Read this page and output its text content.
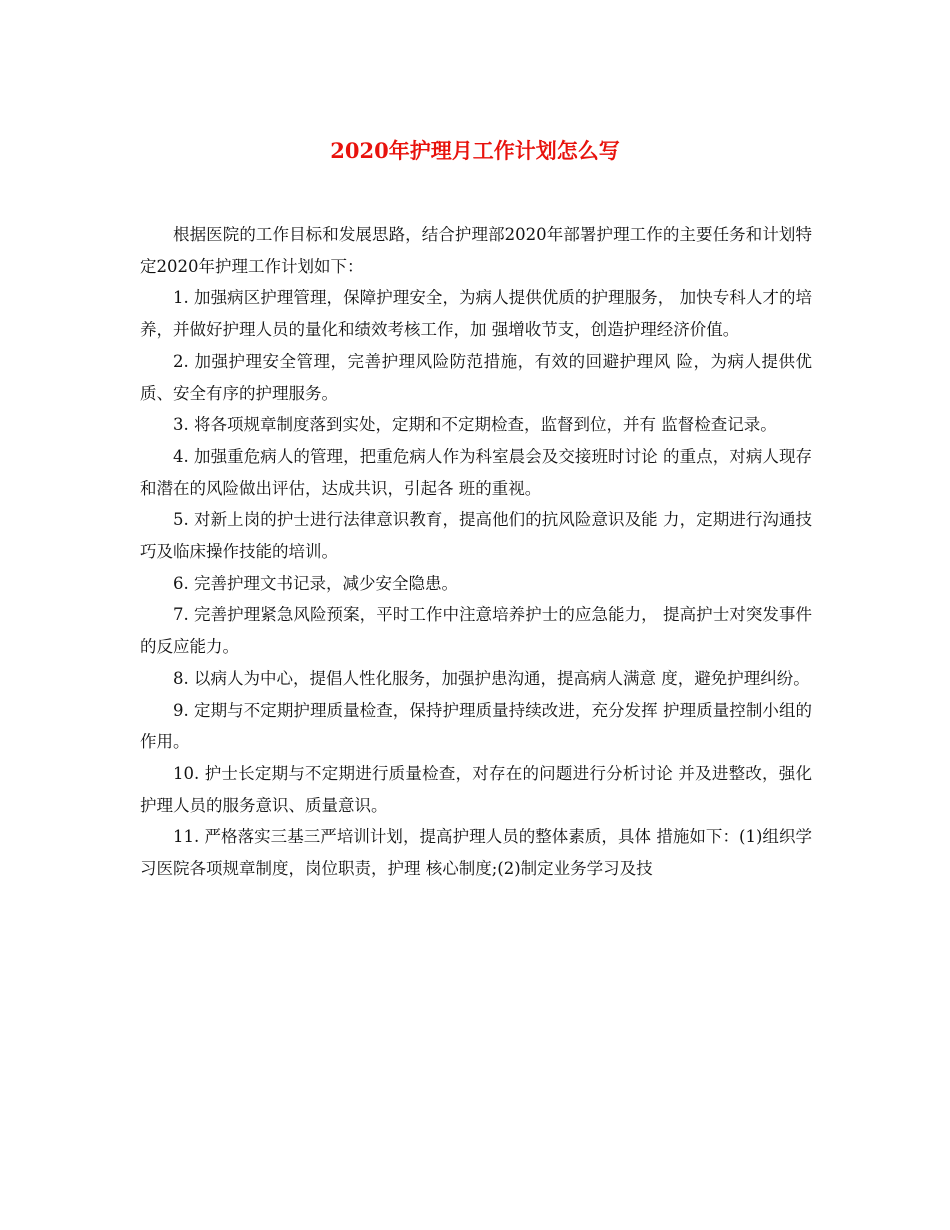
2020年护理月工作计划怎么写

根据医院的工作目标和发展思路，结合护理部2020年部署护理工作的主要任务和计划特定2020年护理工作计划如下：

1. 加强病区护理管理，保障护理安全，为病人提供优质的护理服务， 加快专科人才的培养，并做好护理人员的量化和绩效考核工作，加 强增收节支，创造护理经济价值。

2. 加强护理安全管理，完善护理风险防范措施，有效的回避护理风 险，为病人提供优质、安全有序的护理服务。

3. 将各项规章制度落到实处，定期和不定期检查，监督到位，并有 监督检查记录。

4. 加强重危病人的管理，把重危病人作为科室晨会及交接班时讨论 的重点，对病人现存和潜在的风险做出评估，达成共识，引起各 班的重视。

5. 对新上岗的护士进行法律意识教育，提高他们的抗风险意识及能 力，定期进行沟通技巧及临床操作技能的培训。

6. 完善护理文书记录，减少安全隐患。

7. 完善护理紧急风险预案，平时工作中注意培养护士的应急能力， 提高护士对突发事件的反应能力。

8. 以病人为中心，提倡人性化服务，加强护患沟通，提高病人满意 度，避免护理纠纷。

9. 定期与不定期护理质量检查，保持护理质量持续改进，充分发挥 护理质量控制小组的作用。

10. 护士长定期与不定期进行质量检查，对存在的问题进行分析讨论 并及进整改，强化护理人员的服务意识、质量意识。

11. 严格落实三基三严培训计划，提高护理人员的整体素质，具体 措施如下：(1)组织学习医院各项规章制度，岗位职责，护理 核心制度;(2)制定业务学习及技
